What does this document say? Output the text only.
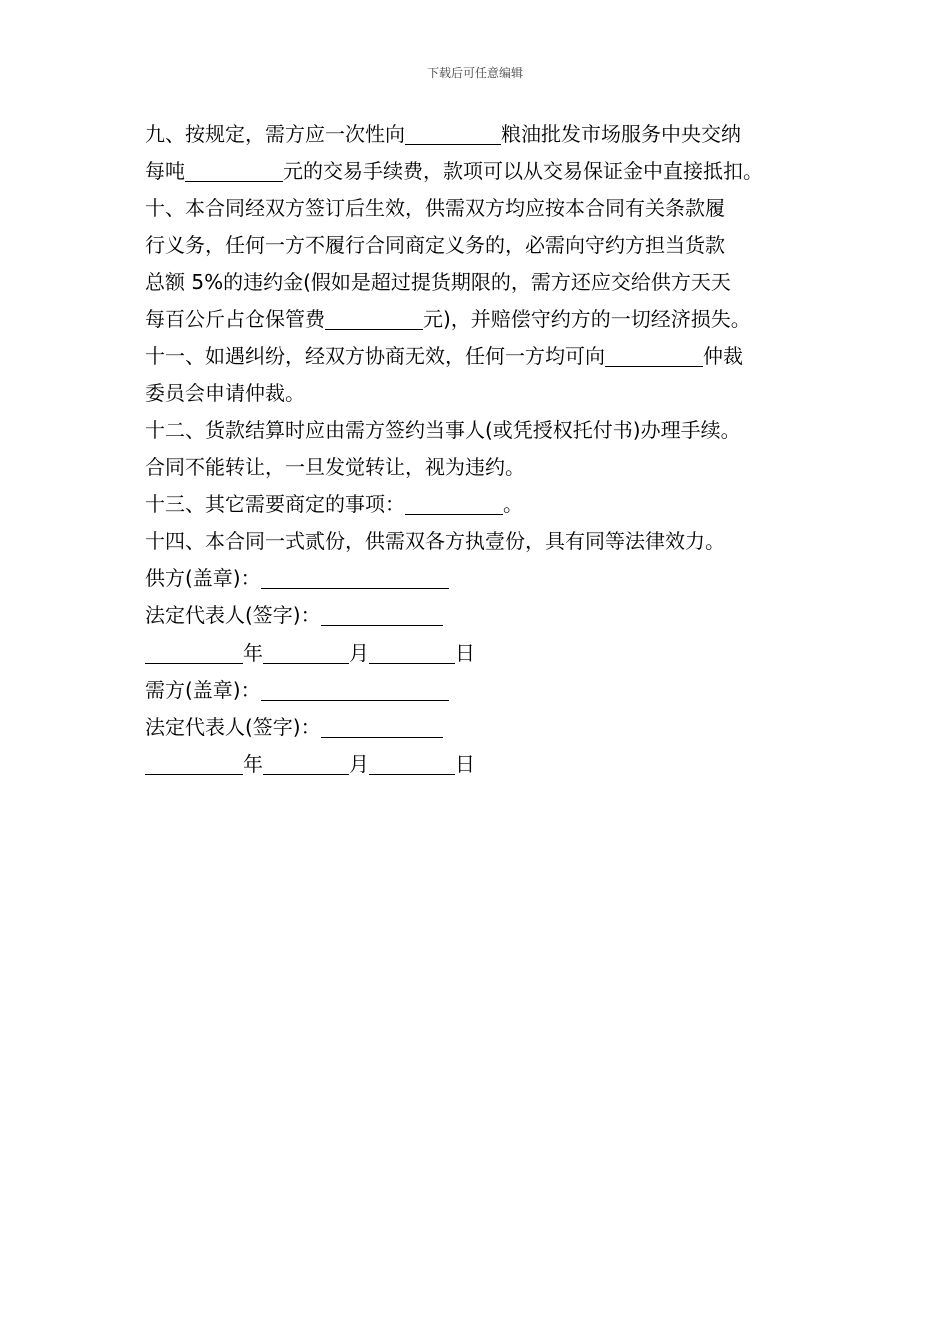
下载后可任意编辑
九、按规定，需方应一次性向	粮油批发市场服务中央交纳
每吨	元的交易手续费，款项可以从交易保证金中直接抵扣。
十、本合同经双方签订后生效，供需双方均应按本合同有关条款履
行义务，任何一方不履行合同商定义务的，必需向守约方担当货款
总额 5%的违约金(假如是超过提货期限的，需方还应交给供方天天
每百公斤占仓保管费	元)，并赔偿守约方的一切经济损失。
十一、如遇纠纷，经双方协商无效，任何一方均可向	仲裁
委员会申请仲裁。
十二、货款结算时应由需方签约当事人(或凭授权托付书)办理手续。
合同不能转让，一旦发觉转让，视为违约。
十三、其它需要商定的事项：	。
十四、本合同一式贰份，供需双各方执壹份，具有同等法律效力。
供方(盖章)：
法定代表人(签字)：
年	月	日
需方(盖章)：
法定代表人(签字)：
年	月	日
